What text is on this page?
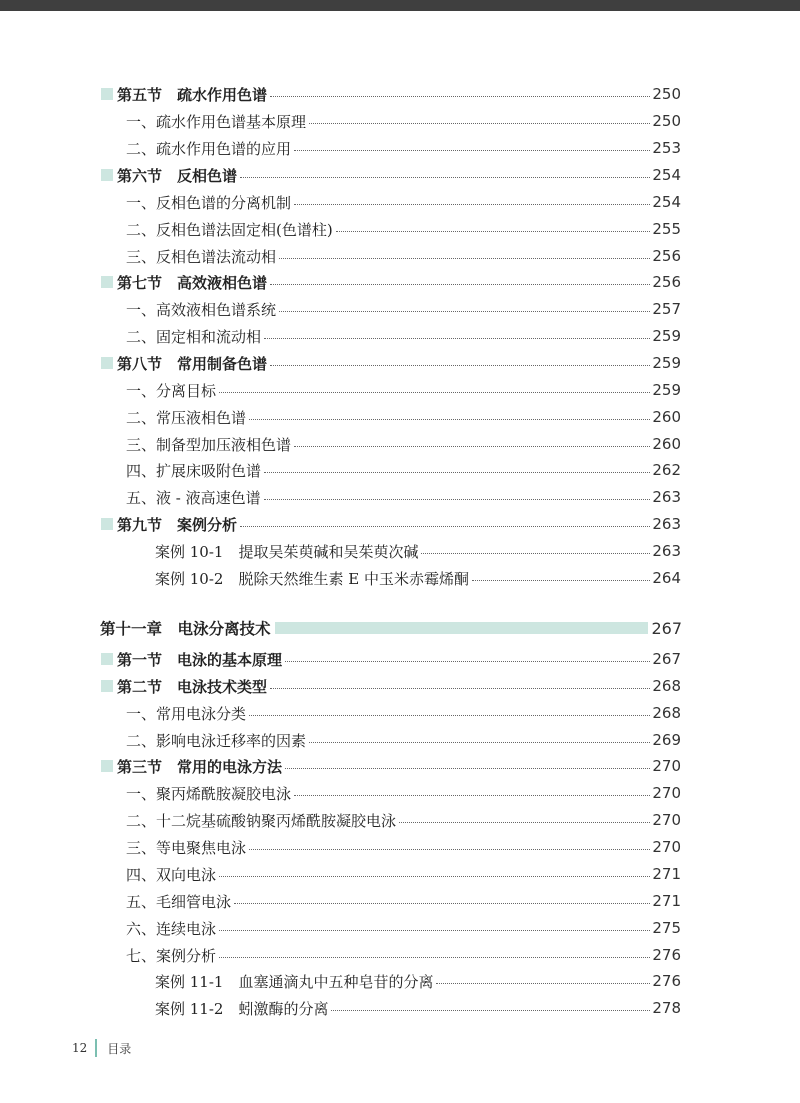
第五节　疏水作用色谱	250
一、疏水作用色谱基本原理	250
二、疏水作用色谱的应用	253
第六节　反相色谱	254
一、反相色谱的分离机制	254
二、反相色谱法固定相(色谱柱)	255
三、反相色谱法流动相	256
第七节　高效液相色谱	256
一、高效液相色谱系统	257
二、固定相和流动相	259
第八节　常用制备色谱	259
一、分离目标	259
二、常压液相色谱	260
三、制备型加压液相色谱	260
四、扩展床吸附色谱	262
五、液 - 液高速色谱	263
第九节　案例分析	263
案例 10-1　提取吴茱萸碱和吴茱萸次碱	263
案例 10-2　脱除天然维生素 E 中玉米赤霉烯酮	264
第十一章　电泳分离技术	267
第一节　电泳的基本原理	267
第二节　电泳技术类型	268
一、常用电泳分类	268
二、影响电泳迁移率的因素	269
第三节　常用的电泳方法	270
一、聚丙烯酰胺凝胶电泳	270
二、十二烷基硫酸钠聚丙烯酰胺凝胶电泳	270
三、等电聚焦电泳	270
四、双向电泳	271
五、毛细管电泳	271
六、连续电泳	275
七、案例分析	276
案例 11-1　血塞通滴丸中五种皂苷的分离	276
案例 11-2　蚓激酶的分离	278
12 目录
